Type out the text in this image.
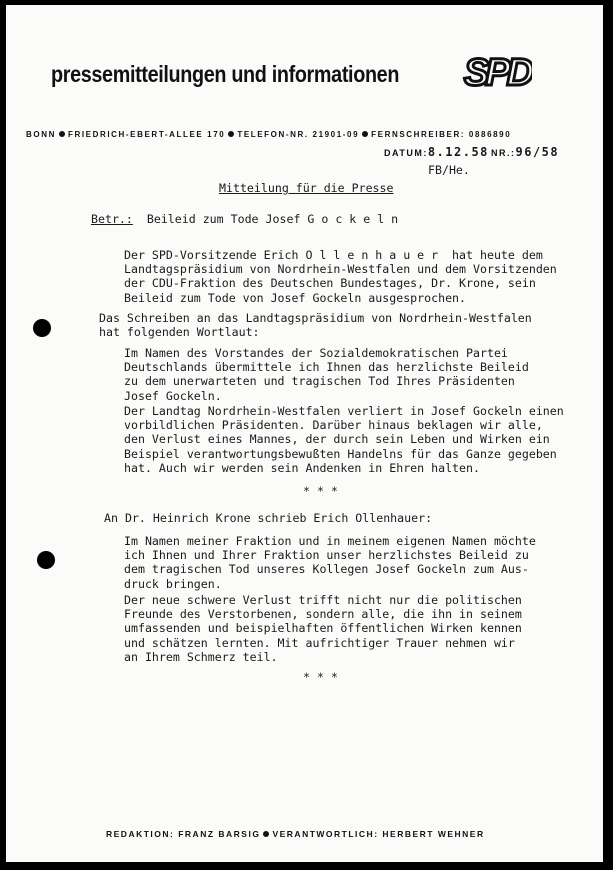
pressemitteilungen und informationen SPD
BONN FRIEDRICH-EBERT-ALLEE 170 TELEFON-NR. 21901-09 FERNSCHREIBER: 0886890
DATUM:8.12.58 NR.:96/58
FB/He.
Mitteilung für die Presse
Betr.: Beileid zum Tode Josef G o c k e l n
Der SPD-Vorsitzende Erich O l l e n h a u e r  hat heute dem
Landtagspräsidium von Nordrhein-Westfalen und dem Vorsitzenden
der CDU-Fraktion des Deutschen Bundestages, Dr. Krone, sein
Beileid zum Tode von Josef Gockeln ausgesprochen.
Das Schreiben an das Landtagspräsidium von Nordrhein-Westfalen
hat folgenden Wortlaut:
Im Namen des Vorstandes der Sozialdemokratischen Partei
Deutschlands übermittele ich Ihnen das herzlichste Beileid
zu dem unerwarteten und tragischen Tod Ihres Präsidenten
Josef Gockeln.
Der Landtag Nordrhein-Westfalen verliert in Josef Gockeln einen
vorbildlichen Präsidenten. Darüber hinaus beklagen wir alle,
den Verlust eines Mannes, der durch sein Leben und Wirken ein
Beispiel verantwortungsbewußten Handelns für das Ganze gegeben
hat. Auch wir werden sein Andenken in Ehren halten.
* * *
An Dr. Heinrich Krone schrieb Erich Ollenhauer:
Im Namen meiner Fraktion und in meinem eigenen Namen möchte
ich Ihnen und Ihrer Fraktion unser herzlichstes Beileid zu
dem tragischen Tod unseres Kollegen Josef Gockeln zum Aus-
druck bringen.
Der neue schwere Verlust trifft nicht nur die politischen
Freunde des Verstorbenen, sondern alle, die ihn in seinem
umfassenden und beispielhaften öffentlichen Wirken kennen
und schätzen lernten. Mit aufrichtiger Trauer nehmen wir
an Ihrem Schmerz teil.
* * *
REDAKTION: FRANZ BARSIG VERANTWORTLICH: HERBERT WEHNER
